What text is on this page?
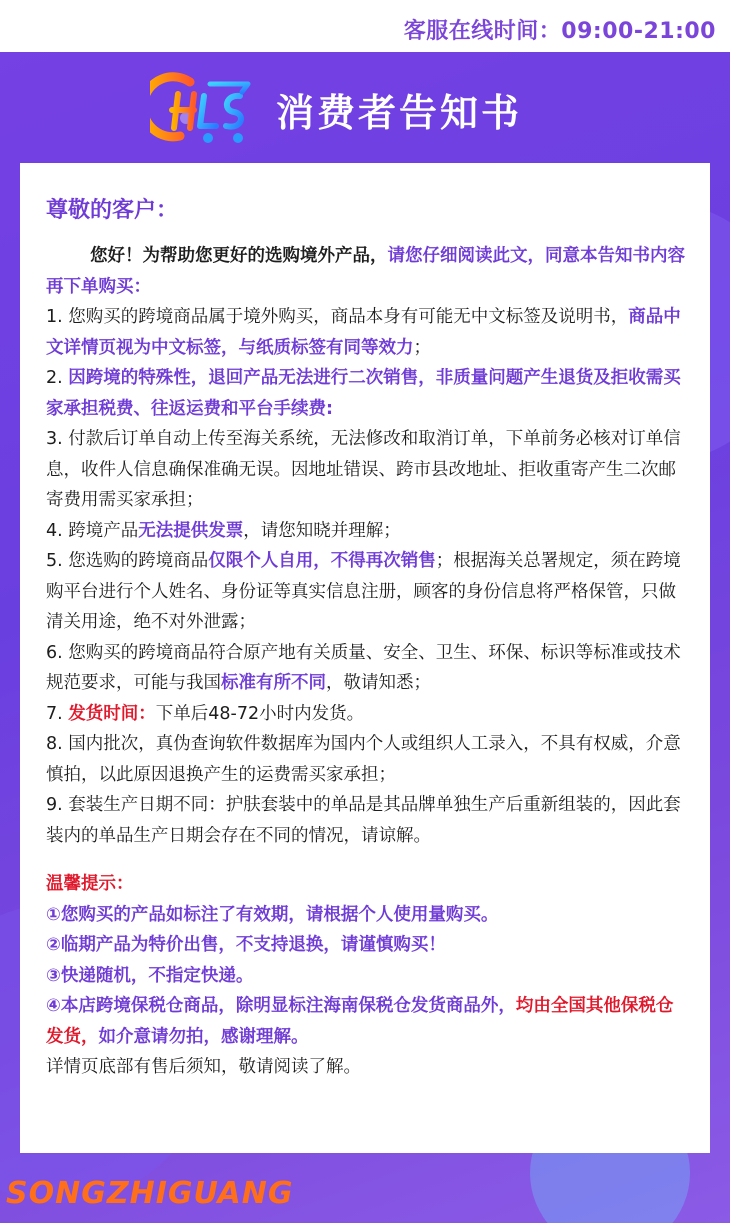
客服在线时间：09:00-21:00
消费者告知书
尊敬的客户：

您好！为帮助您更好的选购境外产品，请您仔细阅读此文，同意本告知书内容再下单购买：

1. 您购买的跨境商品属于境外购买，商品本身有可能无中文标签及说明书，商品中文详情页视为中文标签，与纸质标签有同等效力；

2. 因跨境的特殊性，退回产品无法进行二次销售，非质量问题产生退货及拒收需买家承担税费、往返运费和平台手续费:

3. 付款后订单自动上传至海关系统，无法修改和取消订单，下单前务必核对订单信息，收件人信息确保准确无误。因地址错误、跨市县改地址、拒收重寄产生二次邮寄费用需买家承担；

4. 跨境产品无法提供发票，请您知晓并理解；

5. 您选购的跨境商品仅限个人自用，不得再次销售；根据海关总署规定，须在跨境购平台进行个人姓名、身份证等真实信息注册，顾客的身份信息将严格保管，只做清关用途，绝不对外泄露；

6. 您购买的跨境商品符合原产地有关质量、安全、卫生、环保、标识等标准或技术规范要求，可能与我国标准有所不同，敬请知悉；

7. 发货时间：下单后48-72小时内发货。

8. 国内批次，真伪查询软件数据库为国内个人或组织人工录入，不具有权威，介意慎拍，以此原因退换产生的运费需买家承担；

9. 套装生产日期不同：护肤套装中的单品是其品牌单独生产后重新组装的，因此套装内的单品生产日期会存在不同的情况，请谅解。

温馨提示：

①您购买的产品如标注了有效期，请根据个人使用量购买。

②临期产品为特价出售，不支持退换，请谨慎购买！

③快递随机，不指定快递。

④本店跨境保税仓商品，除明显标注海南保税仓发货商品外，均由全国其他保税仓发货，如介意请勿拍，感谢理解。

详情页底部有售后须知，敬请阅读了解。

SONGZHIGUANG
